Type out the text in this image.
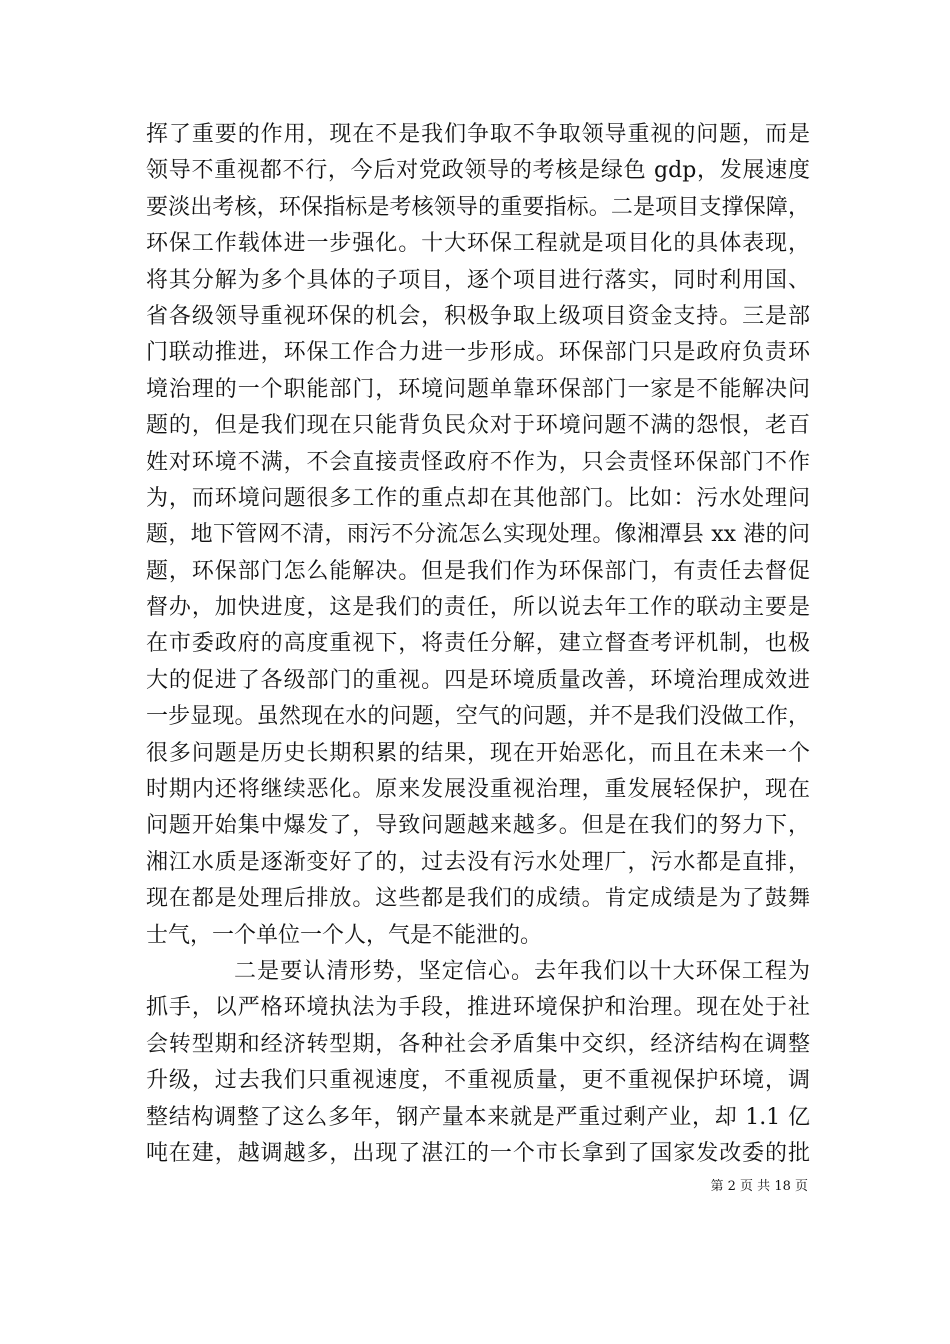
挥了重要的作用，现在不是我们争取不争取领导重视的问题，而是
领导不重视都不行，今后对党政领导的考核是绿色 gdp，发展速度
要淡出考核，环保指标是考核领导的重要指标。二是项目支撑保障，
环保工作载体进一步强化。十大环保工程就是项目化的具体表现，
将其分解为多个具体的子项目，逐个项目进行落实，同时利用国、
省各级领导重视环保的机会，积极争取上级项目资金支持。三是部
门联动推进，环保工作合力进一步形成。环保部门只是政府负责环
境治理的一个职能部门，环境问题单靠环保部门一家是不能解决问
题的，但是我们现在只能背负民众对于环境问题不满的怨恨，老百
姓对环境不满，不会直接责怪政府不作为，只会责怪环保部门不作
为，而环境问题很多工作的重点却在其他部门。比如：污水处理问
题，地下管网不清，雨污不分流怎么实现处理。像湘潭县 xx 港的问
题，环保部门怎么能解决。但是我们作为环保部门，有责任去督促
督办，加快进度，这是我们的责任，所以说去年工作的联动主要是
在市委政府的高度重视下，将责任分解，建立督查考评机制，也极
大的促进了各级部门的重视。四是环境质量改善，环境治理成效进
一步显现。虽然现在水的问题，空气的问题，并不是我们没做工作，
很多问题是历史长期积累的结果，现在开始恶化，而且在未来一个
时期内还将继续恶化。原来发展没重视治理，重发展轻保护，现在
问题开始集中爆发了，导致问题越来越多。但是在我们的努力下，
湘江水质是逐渐变好了的，过去没有污水处理厂，污水都是直排，
现在都是处理后排放。这些都是我们的成绩。肯定成绩是为了鼓舞
士气，一个单位一个人，气是不能泄的。
二是要认清形势，坚定信心。去年我们以十大环保工程为
抓手，以严格环境执法为手段，推进环境保护和治理。现在处于社
会转型期和经济转型期，各种社会矛盾集中交织，经济结构在调整
升级，过去我们只重视速度，不重视质量，更不重视保护环境，调
整结构调整了这么多年，钢产量本来就是严重过剩产业，却 1.1 亿
吨在建，越调越多，出现了湛江的一个市长拿到了国家发改委的批
第 2 页 共 18 页
